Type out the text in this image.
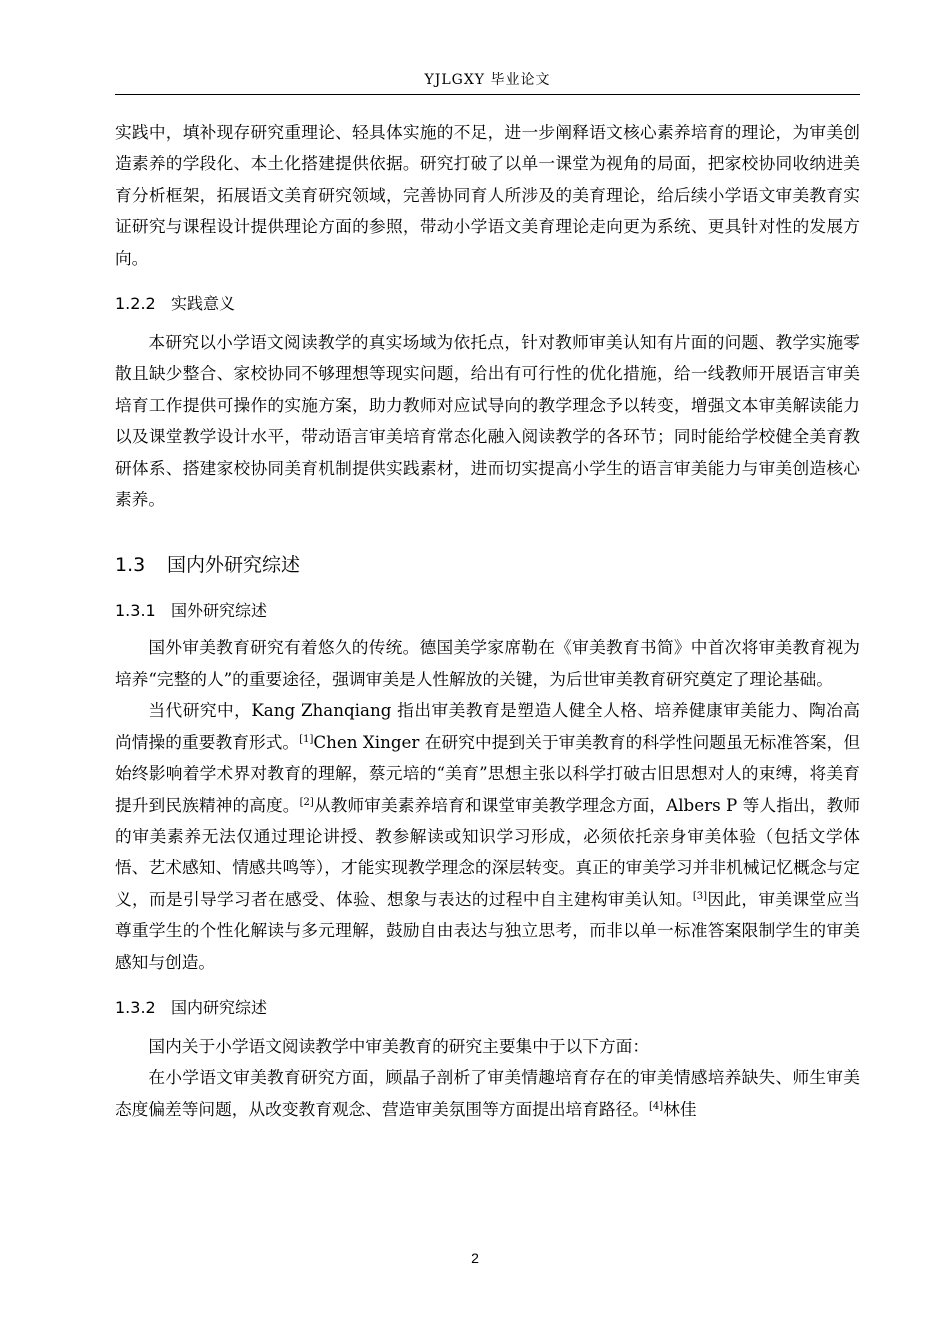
YJLGXY 毕业论文

实践中，填补现存研究重理论、轻具体实施的不足，进一步阐释语文核心素养培育的理论，为审美创造素养的学段化、本土化搭建提供依据。研究打破了以单一课堂为视角的局面，把家校协同收纳进美育分析框架，拓展语文美育研究领域，完善协同育人所涉及的美育理论，给后续小学语文审美教育实证研究与课程设计提供理论方面的参照，带动小学语文美育理论走向更为系统、更具针对性的发展方向。

1.2.2 实践意义

本研究以小学语文阅读教学的真实场域为依托点，针对教师审美认知有片面的问题、教学实施零散且缺少整合、家校协同不够理想等现实问题，给出有可行性的优化措施，给一线教师开展语言审美培育工作提供可操作的实施方案，助力教师对应试导向的教学理念予以转变，增强文本审美解读能力以及课堂教学设计水平，带动语言审美培育常态化融入阅读教学的各环节；同时能给学校健全美育教研体系、搭建家校协同美育机制提供实践素材，进而切实提高小学生的语言审美能力与审美创造核心素养。

1.3 国内外研究综述
1.3.1 国外研究综述

国外审美教育研究有着悠久的传统。德国美学家席勒在《审美教育书简》中首次将审美教育视为培养“完整的人”的重要途径，强调审美是人性解放的关键，为后世审美教育研究奠定了理论基础。

当代研究中，Kang Zhanqiang 指出审美教育是塑造人健全人格、培养健康审美能力、陶冶高尚情操的重要教育形式。[1]Chen Xinger 在研究中提到关于审美教育的科学性问题虽无标准答案，但始终影响着学术界对教育的理解，蔡元培的“美育”思想主张以科学打破古旧思想对人的束缚，将美育提升到民族精神的高度。[2]从教师审美素养培育和课堂审美教学理念方面，Albers P 等人指出，教师的审美素养无法仅通过理论讲授、教参解读或知识学习形成，必须依托亲身审美体验（包括文学体悟、艺术感知、情感共鸣等），才能实现教学理念的深层转变。真正的审美学习并非机械记忆概念与定义，而是引导学习者在感受、体验、想象与表达的过程中自主建构审美认知。[3]因此，审美课堂应当尊重学生的个性化解读与多元理解，鼓励自由表达与独立思考，而非以单一标准答案限制学生的审美感知与创造。

1.3.2 国内研究综述

国内关于小学语文阅读教学中审美教育的研究主要集中于以下方面：

在小学语文审美教育研究方面，顾晶子剖析了审美情趣培育存在的审美情感培养缺失、师生审美态度偏差等问题，从改变教育观念、营造审美氛围等方面提出培育路径。[4]林佳

2
